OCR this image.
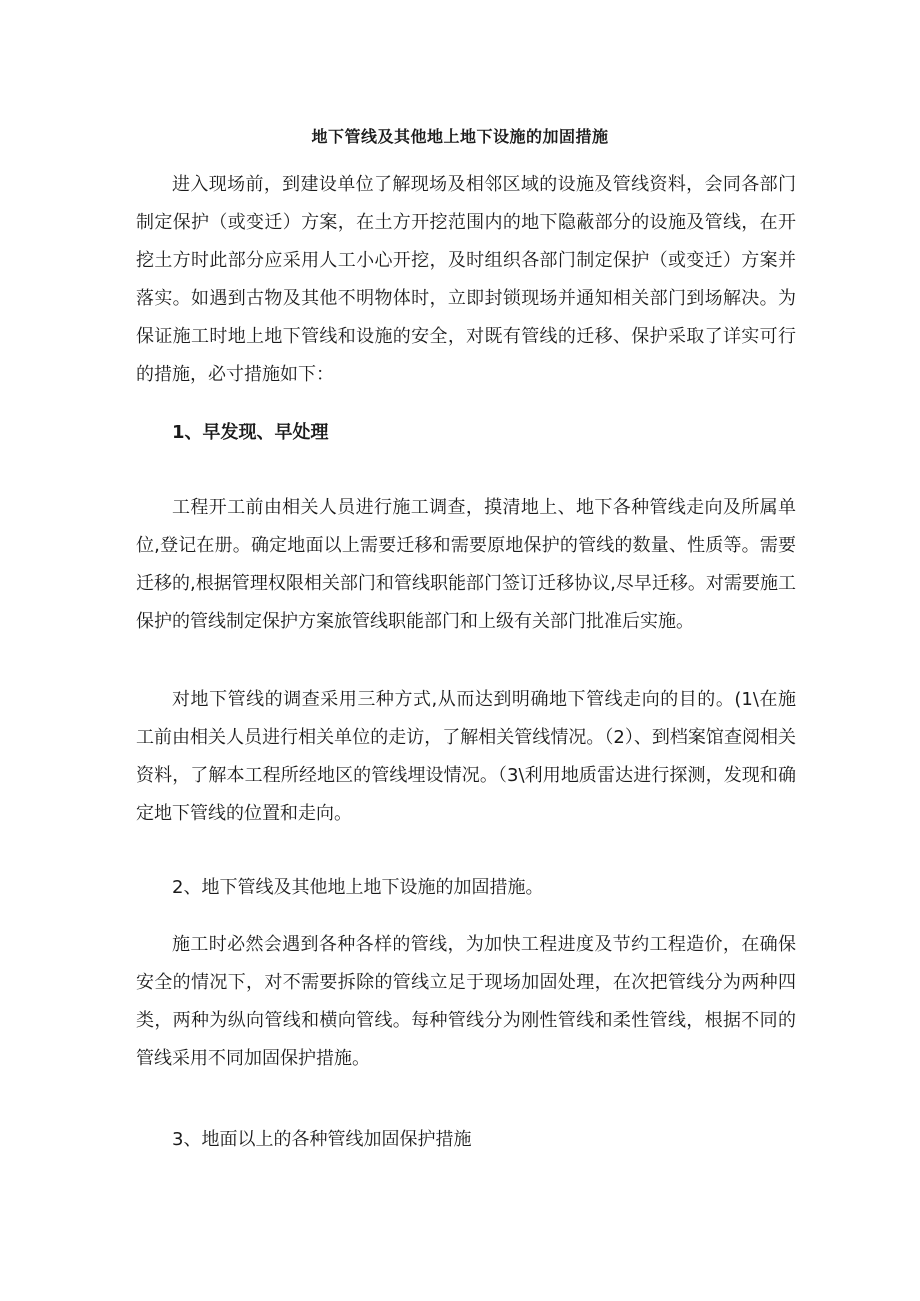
地下管线及其他地上地下设施的加固措施

进入现场前，到建设单位了解现场及相邻区域的设施及管线资料，会同各部门制定保护（或变迁）方案，在土方开挖范围内的地下隐蔽部分的设施及管线，在开挖土方时此部分应采用人工小心开挖，及时组织各部门制定保护（或变迁）方案并落实。如遇到古物及其他不明物体时，立即封锁现场并通知相关部门到场解决。为保证施工时地上地下管线和设施的安全，对既有管线的迁移、保护采取了详实可行的措施，必寸措施如下：

1、早发现、早处理

工程开工前由相关人员进行施工调查，摸清地上、地下各种管线走向及所属单位,登记在册。确定地面以上需要迁移和需要原地保护的管线的数量、性质等。需要迁移的,根据管理权限相关部门和管线职能部门签订迁移协议,尽早迁移。对需要施工保护的管线制定保护方案旅管线职能部门和上级有关部门批准后实施。

对地下管线的调查采用三种方式,从而达到明确地下管线走向的目的。(1\在施工前由相关人员进行相关单位的走访，了解相关管线情况。（2）、到档案馆查阅相关资料，了解本工程所经地区的管线埋设情况。（3\利用地质雷达进行探测，发现和确定地下管线的位置和走向。

2、地下管线及其他地上地下设施的加固措施。

施工时必然会遇到各种各样的管线，为加快工程进度及节约工程造价，在确保安全的情况下，对不需要拆除的管线立足于现场加固处理，在次把管线分为两种四类，两种为纵向管线和横向管线。每种管线分为刚性管线和柔性管线，根据不同的管线采用不同加固保护措施。

3、地面以上的各种管线加固保护措施
